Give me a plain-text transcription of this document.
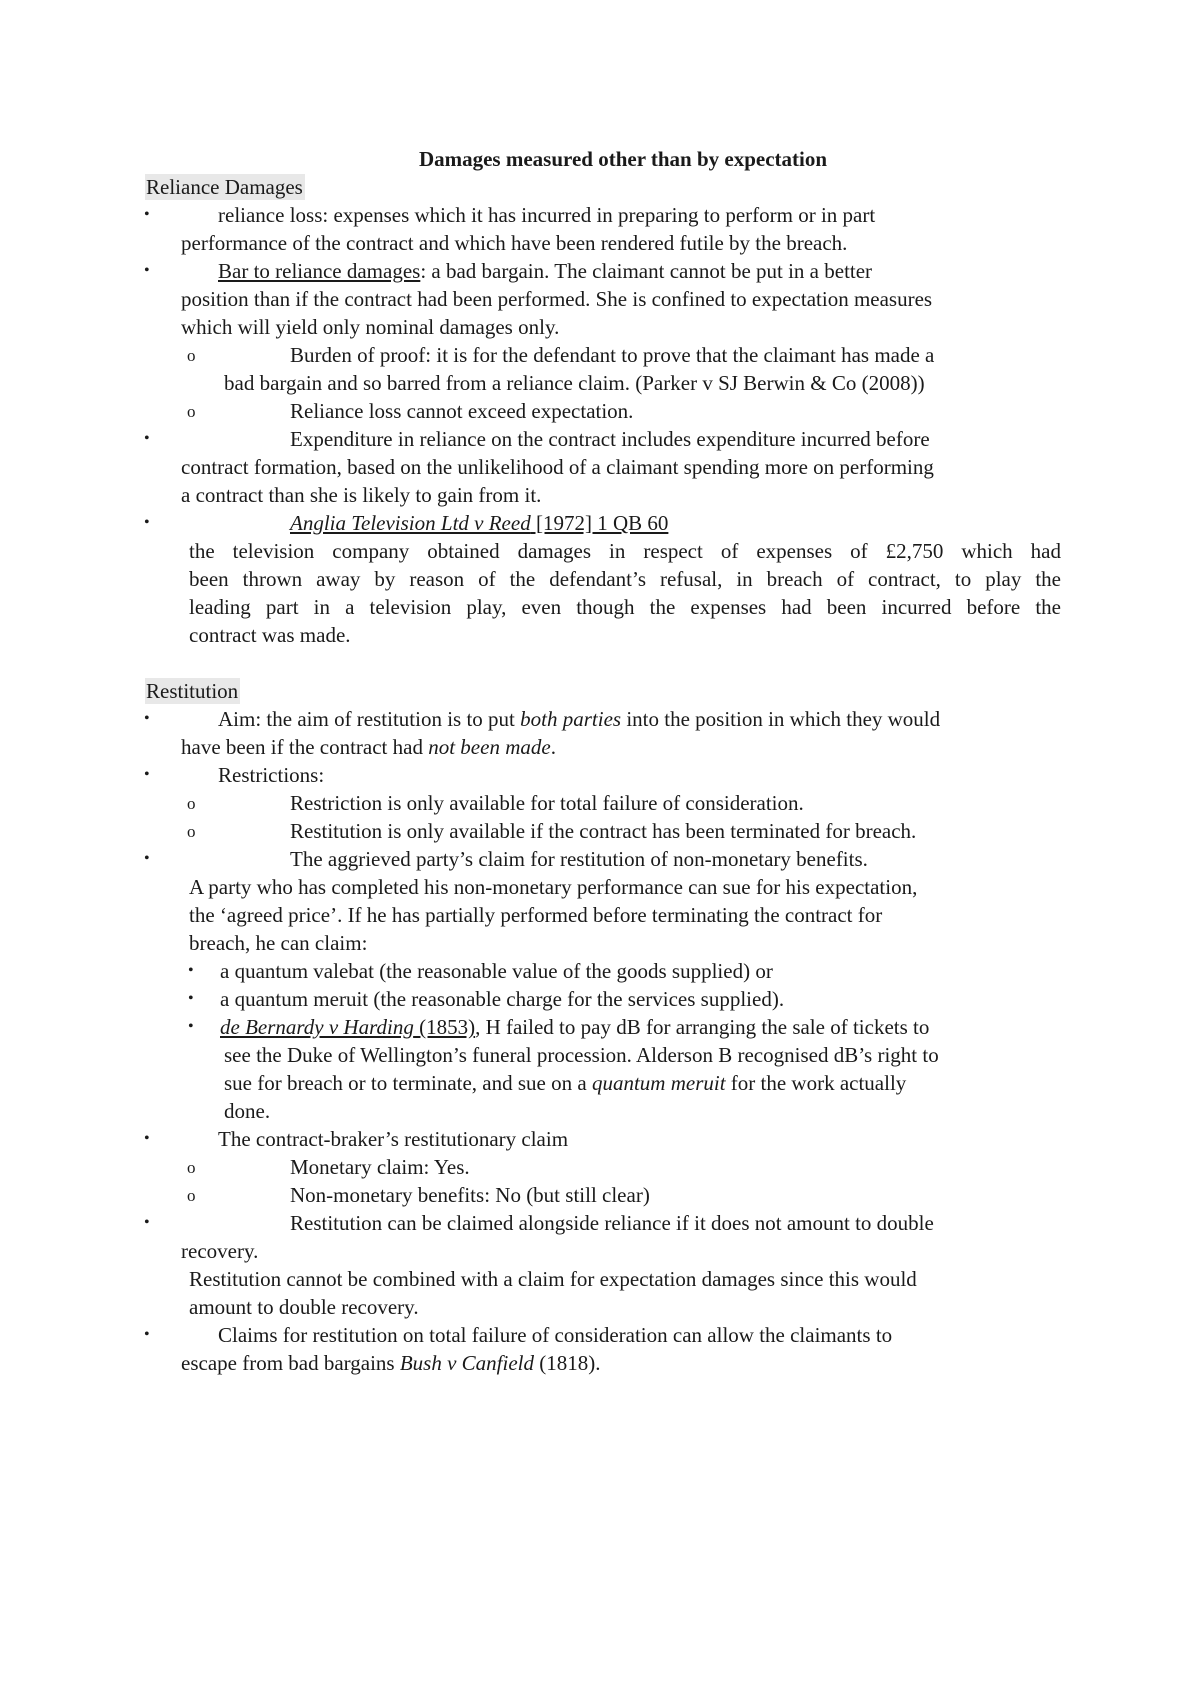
Damages measured other than by expectation
Reliance Damages
•	reliance loss: expenses which it has incurred in preparing to perform or in part
performance of the contract and which have been rendered futile by the breach.
•	Bar to reliance damages: a bad bargain. The claimant cannot be put in a better
position than if the contract had been performed. She is confined to expectation measures
which will yield only nominal damages only.
o	Burden of proof: it is for the defendant to prove that the claimant has made a
bad bargain and so barred from a reliance claim. (Parker v SJ Berwin & Co (2008))
o	Reliance loss cannot exceed expectation.
•	Expenditure in reliance on the contract includes expenditure incurred before
contract formation, based on the unlikelihood of a claimant spending more on performing
a contract than she is likely to gain from it.
•	Anglia Television Ltd v Reed [1972] 1 QB 60
the television company obtained damages in respect of expenses of £2,750 which had
been thrown away by reason of the defendant’s refusal, in breach of contract, to play the
leading part in a television play, even though the expenses had been incurred before the
contract was made.
Restitution
•	Aim: the aim of restitution is to put both parties into the position in which they would
have been if the contract had not been made.
•	Restrictions:
o	Restriction is only available for total failure of consideration.
o	Restitution is only available if the contract has been terminated for breach.
•	The aggrieved party’s claim for restitution of non-monetary benefits.
A party who has completed his non-monetary performance can sue for his expectation,
the ‘agreed price’. If he has partially performed before terminating the contract for
breach, he can claim:
• a quantum valebat (the reasonable value of the goods supplied) or
• a quantum meruit (the reasonable charge for the services supplied).
• de Bernardy v Harding (1853), H failed to pay dB for arranging the sale of tickets to
see the Duke of Wellington’s funeral procession. Alderson B recognised dB’s right to
sue for breach or to terminate, and sue on a quantum meruit for the work actually
done.
•	The contract-braker’s restitutionary claim
o	Monetary claim: Yes.
o	Non-monetary benefits: No (but still clear)
•	Restitution can be claimed alongside reliance if it does not amount to double
recovery.
Restitution cannot be combined with a claim for expectation damages since this would
amount to double recovery.
•	Claims for restitution on total failure of consideration can allow the claimants to
escape from bad bargains Bush v Canfield (1818).
